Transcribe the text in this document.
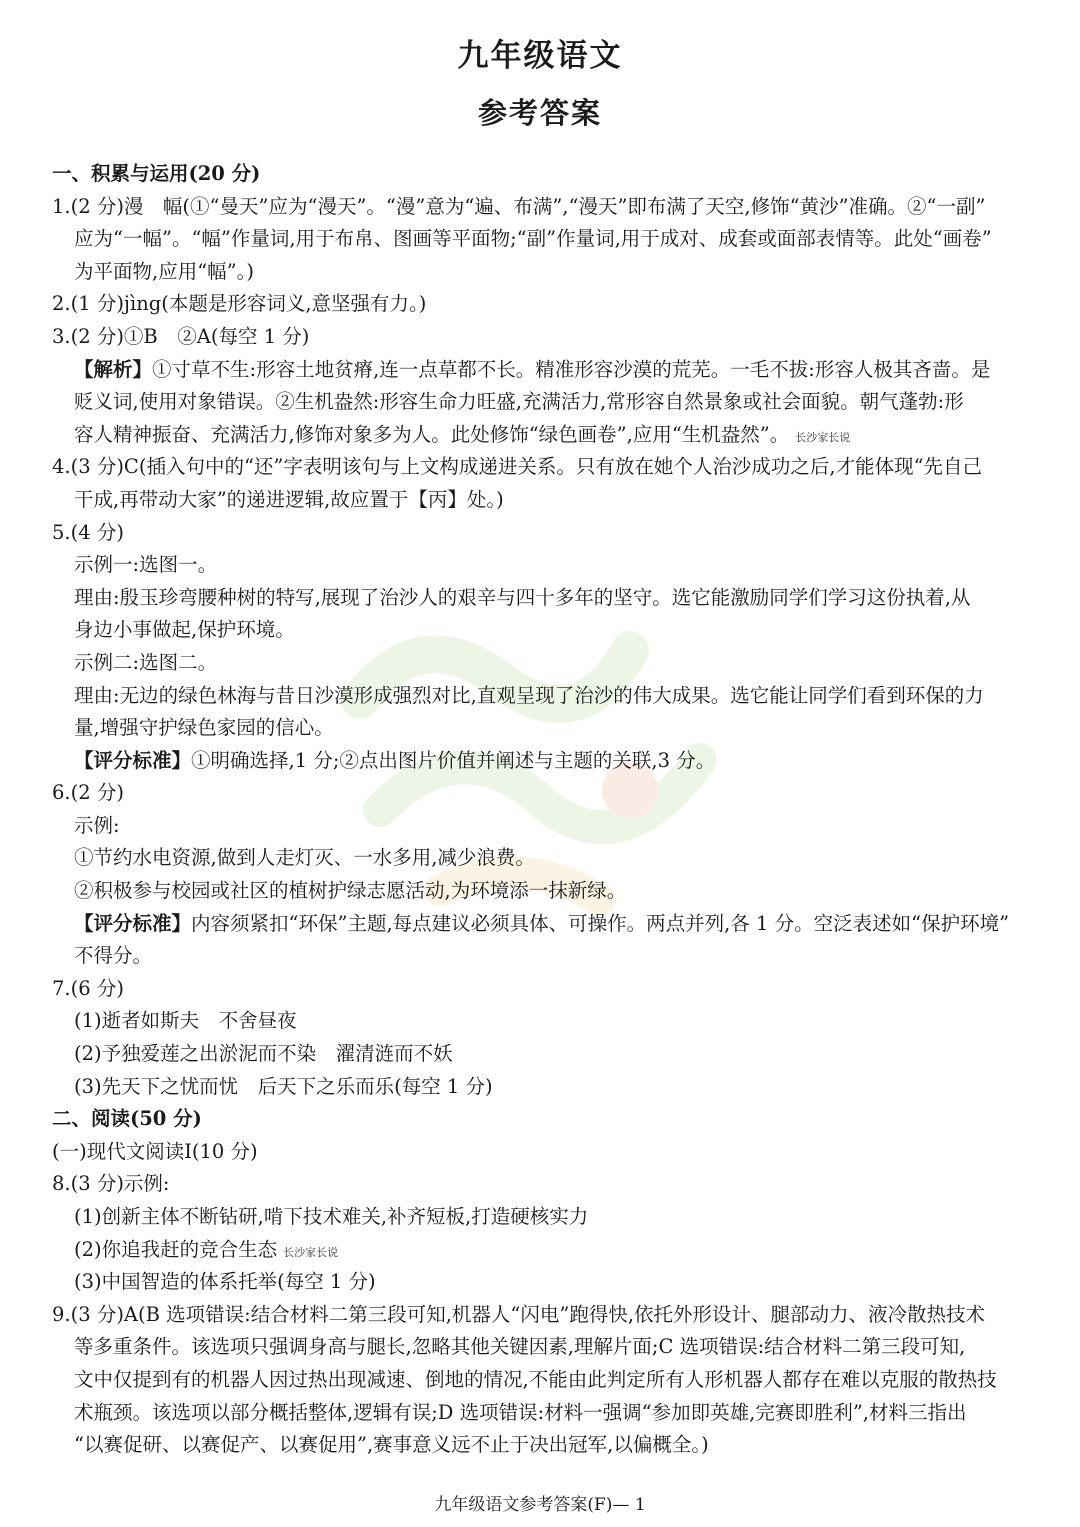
九年级语文
参考答案
一、积累与运用(20 分)
1.(2 分)漫　幅(①“曼天”应为“漫天”。“漫”意为“遍、布满”,“漫天”即布满了天空,修饰“黄沙”准确。②“一副”
应为“一幅”。“幅”作量词,用于布帛、图画等平面物;“副”作量词,用于成对、成套或面部表情等。此处“画卷”
为平面物,应用“幅”。)
2.(1 分)jìng(本题是形容词义,意坚强有力。)
3.(2 分)①B　②A(每空 1 分)
【解析】①寸草不生:形容土地贫瘠,连一点草都不长。精准形容沙漠的荒芜。一毛不拔:形容人极其吝啬。是
贬义词,使用对象错误。②生机盎然:形容生命力旺盛,充满活力,常形容自然景象或社会面貌。朝气蓬勃:形
容人精神振奋、充满活力,修饰对象多为人。此处修饰“绿色画卷”,应用“生机盎然”。 长沙家长说
4.(3 分)C(插入句中的“还”字表明该句与上文构成递进关系。只有放在她个人治沙成功之后,才能体现“先自己
干成,再带动大家”的递进逻辑,故应置于【丙】处。)
5.(4 分)
示例一:选图一。
理由:殷玉珍弯腰种树的特写,展现了治沙人的艰辛与四十多年的坚守。选它能激励同学们学习这份执着,从
身边小事做起,保护环境。
示例二:选图二。
理由:无边的绿色林海与昔日沙漠形成强烈对比,直观呈现了治沙的伟大成果。选它能让同学们看到环保的力
量,增强守护绿色家园的信心。
【评分标准】①明确选择,1 分;②点出图片价值并阐述与主题的关联,3 分。
6.(2 分)
示例:
①节约水电资源,做到人走灯灭、一水多用,减少浪费。
②积极参与校园或社区的植树护绿志愿活动,为环境添一抹新绿。
【评分标准】内容须紧扣“环保”主题,每点建议必须具体、可操作。两点并列,各 1 分。空泛表述如“保护环境”
不得分。
7.(6 分)
(1)逝者如斯夫　不舍昼夜
(2)予独爱莲之出淤泥而不染　濯清涟而不妖
(3)先天下之忧而忧　后天下之乐而乐(每空 1 分)
二、阅读(50 分)
(一)现代文阅读Ⅰ(10 分)
8.(3 分)示例:
(1)创新主体不断钻研,啃下技术难关,补齐短板,打造硬核实力
(2)你追我赶的竞合生态 长沙家长说
(3)中国智造的体系托举(每空 1 分)
9.(3 分)A(B 选项错误:结合材料二第三段可知,机器人“闪电”跑得快,依托外形设计、腿部动力、液冷散热技术
等多重条件。该选项只强调身高与腿长,忽略其他关键因素,理解片面;C 选项错误:结合材料二第三段可知,
文中仅提到有的机器人因过热出现减速、倒地的情况,不能由此判定所有人形机器人都存在难以克服的散热技
术瓶颈。该选项以部分概括整体,逻辑有误;D 选项错误:材料一强调“参加即英雄,完赛即胜利”,材料三指出
“以赛促研、以赛促产、以赛促用”,赛事意义远不止于决出冠军,以偏概全。)
九年级语文参考答案(F)— 1
